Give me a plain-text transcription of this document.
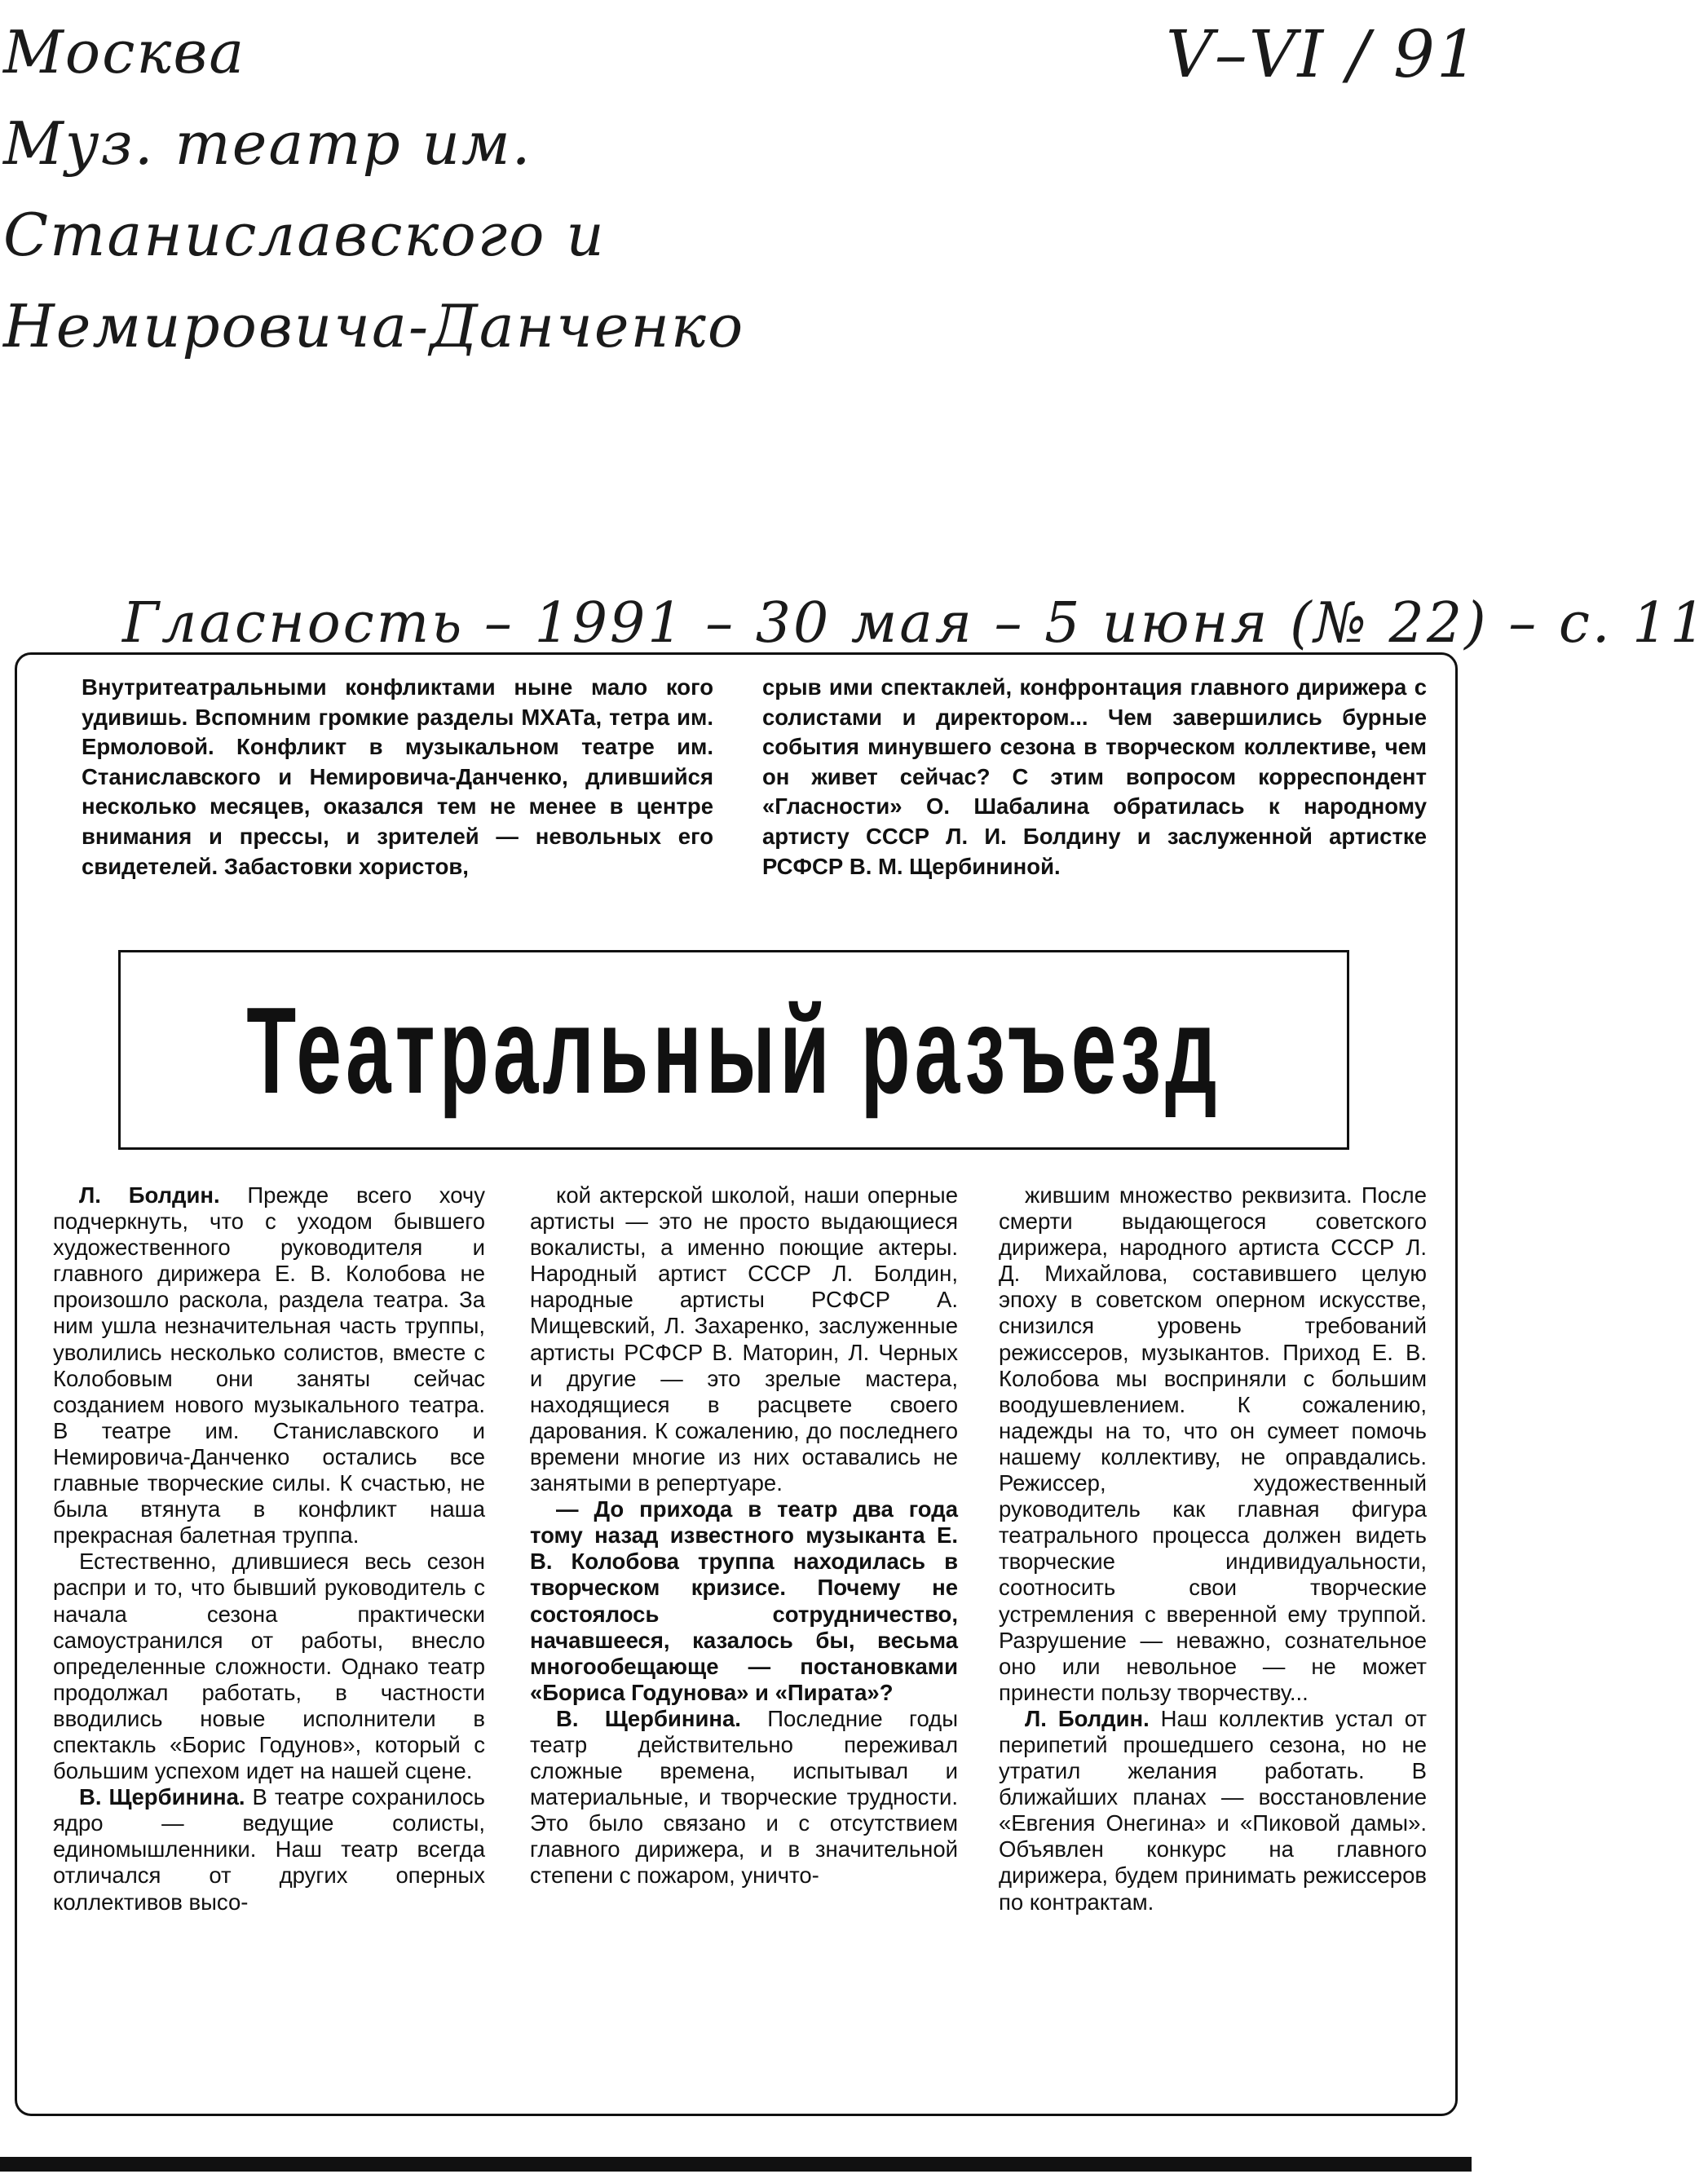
Москва
Муз. театр им.
Станиславского и
Немировича-Данченко
V–VI / 91
Гласность – 1991 – 30 мая – 5 июня (№ 22) – с. 11
Внутритеатральными конфликтами ныне мало кого удивишь. Вспомним громкие разделы МХАТа, тетра им. Ермоловой. Конфликт в музыкальном театре им. Станиславского и Немировича-Данченко, длившийся несколько месяцев, оказался тем не менее в центре внимания и прессы, и зрителей — невольных его свидетелей. Забастовки хористов,
срыв ими спектаклей, конфронтация главного дирижера с солистами и директором... Чем завершились бурные события минувшего сезона в творческом коллективе, чем он живет сейчас? С этим вопросом корреспондент «Гласности» О. Шабалина обратилась к народному артисту СССР Л. И. Болдину и заслуженной артистке РСФСР В. М. Щербининой.
Театральный разъезд

Л. Болдин. Прежде всего хочу подчеркнуть, что с уходом бывшего художественного руководителя и главного дирижера Е. В. Колобова не произошло раскола, раздела театра. За ним ушла незначительная часть труппы, уволились несколько солистов, вместе с Колобовым они заняты сейчас созданием нового музыкального театра. В театре им. Станиславского и Немировича-Данченко остались все главные творческие силы. К счастью, не была втянута в конфликт наша прекрасная балетная труппа.

Естественно, длившиеся весь сезон распри и то, что бывший руководитель с начала сезона практически самоустранился от работы, внесло определенные сложности. Однако театр продолжал работать, в частности вводились новые исполнители в спектакль «Борис Годунов», который с большим успехом идет на нашей сцене.

В. Щербинина. В театре сохранилось ядро — ведущие солисты, единомышленники. Наш театр всегда отличался от других оперных коллективов высо-

кой актерской школой, наши оперные артисты — это не просто выдающиеся вокалисты, а именно поющие актеры. Народный артист СССР Л. Болдин, народные артисты РСФСР А. Мищевский, Л. Захаренко, заслуженные артисты РСФСР В. Маторин, Л. Черных и другие — это зрелые мастера, находящиеся в расцвете своего дарования. К сожалению, до последнего времени многие из них оставались не занятыми в репертуаре.

— До прихода в театр два года тому назад известного музыканта Е. В. Колобова труппа находилась в творческом кризисе. Почему не состоялось сотрудничество, начавшееся, казалось бы, весьма многообещающе — постановками «Бориса Годунова» и «Пирата»?

В. Щербинина. Последние годы театр действительно переживал сложные времена, испытывал и материальные, и творческие трудности. Это было связано и с отсутствием главного дирижера, и в значительной степени с пожаром, уничто-

жившим множество реквизита. После смерти выдающегося советского дирижера, народного артиста СССР Л. Д. Михайлова, составившего целую эпоху в советском оперном искусстве, снизился уровень требований режиссеров, музыкантов. Приход Е. В. Колобова мы восприняли с большим воодушевлением. К сожалению, надежды на то, что он сумеет помочь нашему коллективу, не оправдались. Режиссер, художественный руководитель как главная фигура театрального процесса должен видеть творческие индивидуальности, соотносить свои творческие устремления с вверенной ему труппой. Разрушение — неважно, сознательное оно или невольное — не может принести пользу творчеству...

Л. Болдин. Наш коллектив устал от перипетий прошедшего сезона, но не утратил желания работать. В ближайших планах — восстановление «Евгения Онегина» и «Пиковой дамы». Объявлен конкурс на главного дирижера, будем принимать режиссеров по контрактам.
